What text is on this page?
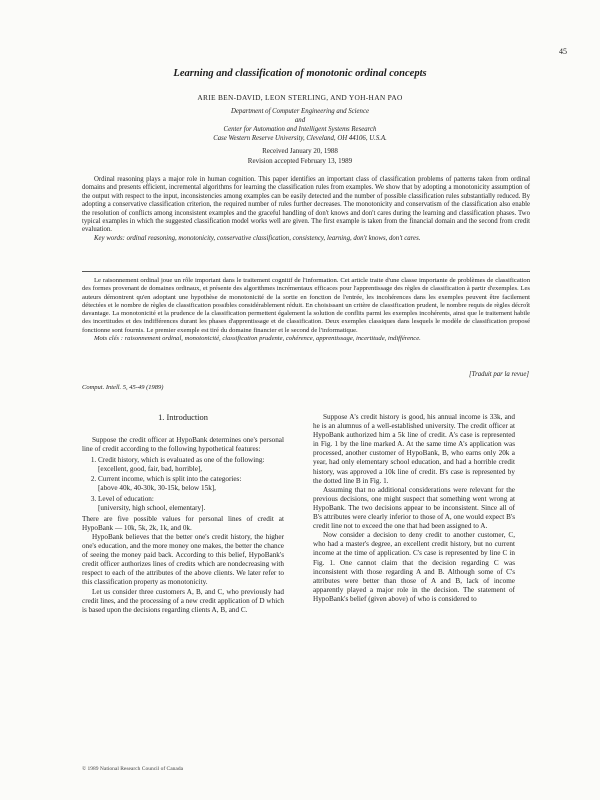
45
Learning and classification of monotonic ordinal concepts
ARIE BEN-DAVID, LEON STERLING, AND YOH-HAN PAO
Department of Computer Engineering and Science
and
Center for Automation and Intelligent Systems Research
Case Western Reserve University, Cleveland, OH 44106, U.S.A.
Received January 20, 1988
Revision accepted February 13, 1989

Ordinal reasoning plays a major role in human cognition. This paper identifies an important class of classification problems of patterns taken from ordinal domains and presents efficient, incremental algorithms for learning the classification rules from examples. We show that by adopting a monotonicity assumption of the output with respect to the input, inconsistencies among examples can be easily detected and the number of possible classification rules substantially reduced. By adopting a conservative classification criterion, the required number of rules further decreases. The monotonicity and conservatism of the classification also enable the resolution of conflicts among inconsistent examples and the graceful handling of don't knows and don't cares during the learning and classification phases. Two typical examples in which the suggested classification model works well are given. The first example is taken from the financial domain and the second from credit evaluation.

Key words: ordinal reasoning, monotonicity, conservative classification, consistency, learning, don't knows, don't cares.

Le raisonnement ordinal joue un rôle important dans le traitement cognitif de l'information. Cet article traite d'une classe importante de problèmes de classification des formes provenant de domaines ordinaux, et présente des algorithmes incrémentaux efficaces pour l'apprentissage des règles de classification à partir d'exemples. Les auteurs démontrent qu'en adoptant une hypothèse de monotonicité de la sortie en fonction de l'entrée, les incohérences dans les exemples peuvent être facilement détectées et le nombre de règles de classification possibles considérablement réduit. En choisissant un critère de classification prudent, le nombre requis de règles décroît davantage. La monotonicité et la prudence de la classification permettent également la solution de conflits parmi les exemples incohérents, ainsi que le traitement habile des incertitudes et des indifférences durant les phases d'apprentissage et de classification. Deux exemples classiques dans lesquels le modèle de classification proposé fonctionne sont fournis. Le premier exemple est tiré du domaine financier et le second de l'informatique.

Mots clés : raisonnement ordinal, monotonicité, classification prudente, cohérence, apprentissage, incertitude, indifférence.

[Traduit par la revue]
Comput. Intell. 5, 45-49 (1989)
1. Introduction

Suppose the credit officer at HypoBank determines one's personal line of credit according to the following hypothetical features:

1. Credit history, which is evaluated as one of the following:
[excellent, good, fair, bad, horrible],
2. Current income, which is split into the categories:
[above 40k, 40-30k, 30-15k, below 15k],
3. Level of education:
[university, high school, elementary].

There are five possible values for personal lines of credit at HypoBank — 10k, 5k, 2k, 1k, and 0k.

HypoBank believes that the better one's credit history, the higher one's education, and the more money one makes, the better the chance of seeing the money paid back. According to this belief, HypoBank's credit officer authorizes lines of credits which are nondecreasing with respect to each of the attributes of the above clients. We later refer to this classification property as monotonicity.

Let us consider three customers A, B, and C, who previously had credit lines, and the processing of a new credit application of D which is based upon the decisions regarding clients A, B, and C.

Suppose A's credit history is good, his annual income is 33k, and he is an alumnus of a well-established university. The credit officer at HypoBank authorized him a 5k line of credit. A's case is represented in Fig. 1 by the line marked A. At the same time A's application was processed, another customer of HypoBank, B, who earns only 20k a year, had only elementary school education, and had a horrible credit history, was approved a 10k line of credit. B's case is represented by the dotted line B in Fig. 1.

Assuming that no additional considerations were relevant for the previous decisions, one might suspect that something went wrong at HypoBank. The two decisions appear to be inconsistent. Since all of B's attributes were clearly inferior to those of A, one would expect B's credit line not to exceed the one that had been assigned to A.

Now consider a decision to deny credit to another customer, C, who had a master's degree, an excellent credit history, but no current income at the time of application. C's case is represented by line C in Fig. 1. One cannot claim that the decision regarding C was inconsistent with those regarding A and B. Although some of C's attributes were better than those of A and B, lack of income apparently played a major role in the decision. The statement of HypoBank's belief (given above) of who is considered to

© 1989 National Research Council of Canada
